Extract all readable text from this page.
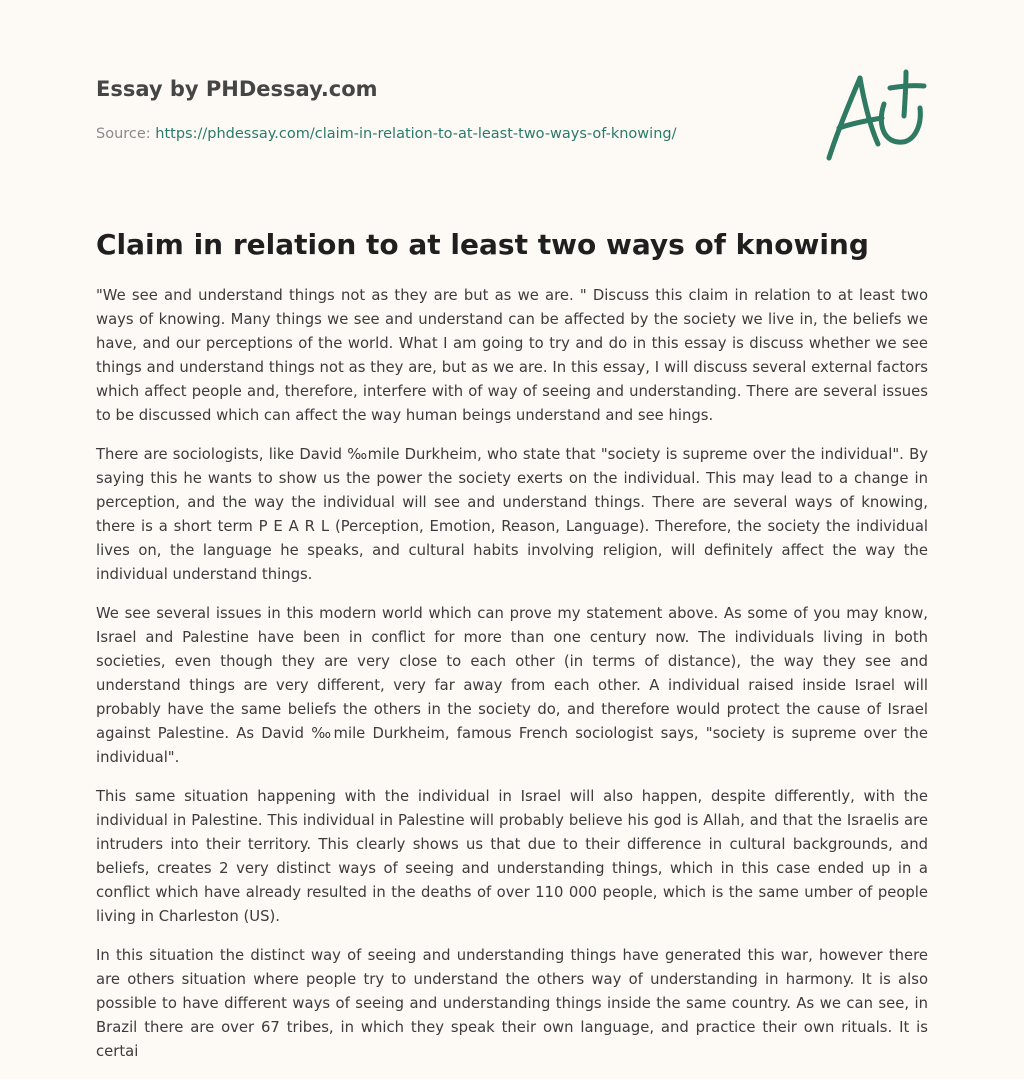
Essay by PHDessay.com

Source: https://phdessay.com/claim-in-relation-to-at-least-two-ways-of-knowing/
Claim in relation to at least two ways of knowing

"We see and understand things not as they are but as we are. " Discuss this claim in relation to at least two ways of knowing. Many things we see and understand can be affected by the society we live in, the beliefs we have, and our perceptions of the world. What I am going to try and do in this essay is discuss whether we see things and understand things not as they are, but as we are. In this essay, I will discuss several external factors which affect people and, therefore, interfere with of way of seeing and understanding. There are several issues to be discussed which can affect the way human beings understand and see hings.

There are sociologists, like David ‰mile Durkheim, who state that "society is supreme over the individual". By saying this he wants to show us the power the society exerts on the individual. This may lead to a change in perception, and the way the individual will see and understand things. There are several ways of knowing, there is a short term P E A R L (Perception, Emotion, Reason, Language). Therefore, the society the individual lives on, the language he speaks, and cultural habits involving religion, will definitely affect the way the individual understand things.

We see several issues in this modern world which can prove my statement above. As some of you may know, Israel and Palestine have been in conflict for more than one century now. The individuals living in both societies, even though they are very close to each other (in terms of distance), the way they see and understand things are very different, very far away from each other. A individual raised inside Israel will probably have the same beliefs the others in the society do, and therefore would protect the cause of Israel against Palestine. As David ‰mile Durkheim, famous French sociologist says, "society is supreme over the individual".

This same situation happening with the individual in Israel will also happen, despite differently, with the individual in Palestine. This individual in Palestine will probably believe his god is Allah, and that the Israelis are intruders into their territory. This clearly shows us that due to their difference in cultural backgrounds, and beliefs, creates 2 very distinct ways of seeing and understanding things, which in this case ended up in a conflict which have already resulted in the deaths of over 110 000 people, which is the same umber of people living in Charleston (US).

In this situation the distinct way of seeing and understanding things have generated this war, however there are others situation where people try to understand the others way of understanding in harmony. It is also possible to have different ways of seeing and understanding things inside the same country. As we can see, in Brazil there are over 67 tribes, in which they speak their own language, and practice their own rituals. It is certai
